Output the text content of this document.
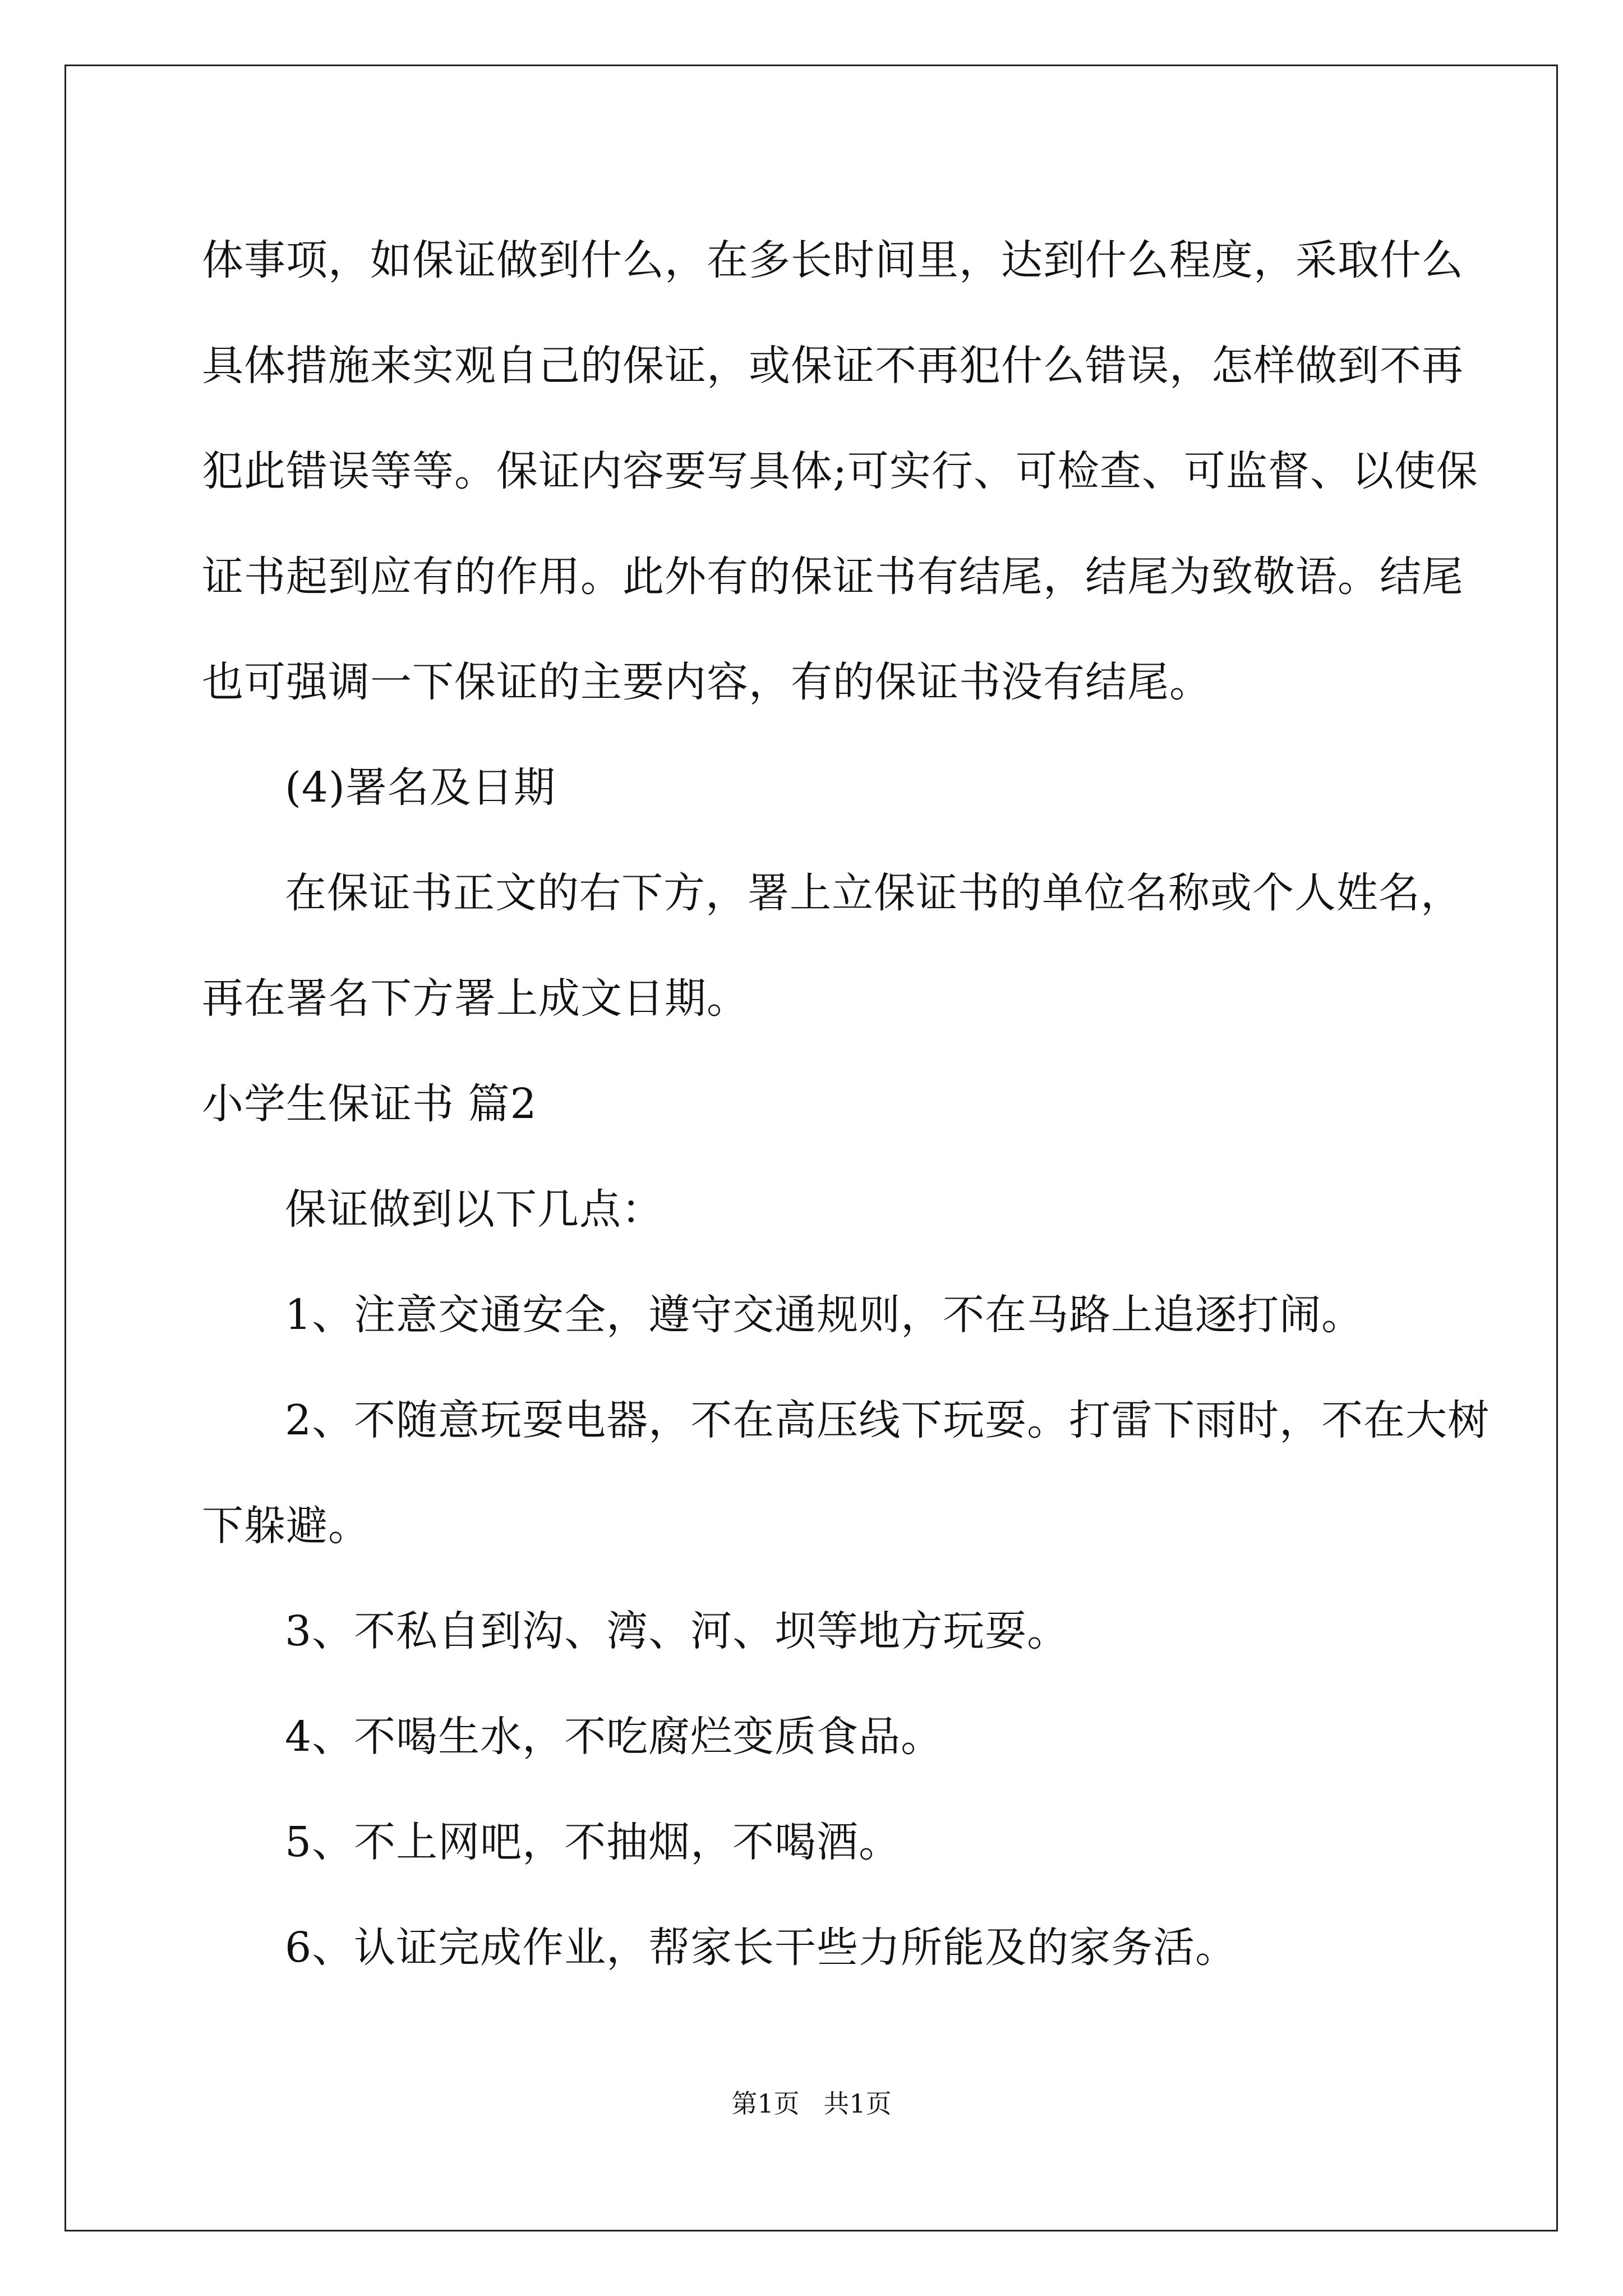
体事项，如保证做到什么，在多长时间里，达到什么程度，采取什么
具体措施来实观自己的保证，或保证不再犯什么错误，怎样做到不再
犯此错误等等。保证内容要写具体;可实行、可检查、可监督、以使保
证书起到应有的作用。此外有的保证书有结尾，结尾为致敬语。结尾
也可强调一下保证的主要内容，有的保证书没有结尾。
(4)署名及日期
在保证书正文的右下方，署上立保证书的单位名称或个人姓名，
再在署名下方署上成文日期。
小学生保证书 篇2
保证做到以下几点：
1、注意交通安全，遵守交通规则，不在马路上追逐打闹。
2、不随意玩耍电器，不在高压线下玩耍。打雷下雨时，不在大树
下躲避。
3、不私自到沟、湾、河、坝等地方玩耍。
4、不喝生水，不吃腐烂变质食品。
5、不上网吧，不抽烟，不喝酒。
6、认证完成作业，帮家长干些力所能及的家务活。
第1页 共1页
